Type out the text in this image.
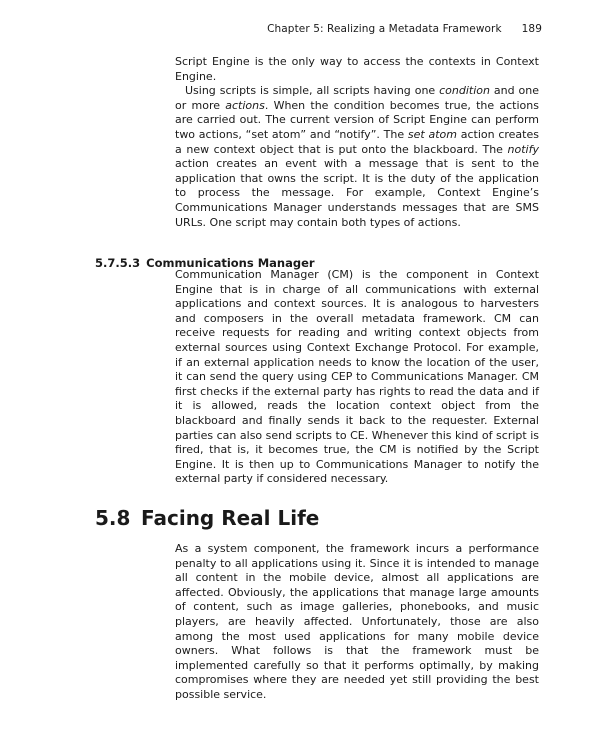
Chapter 5: Realizing a Metadata Framework 189

Script Engine is the only way to access the contexts in Context Engine.

Using scripts is simple, all scripts having one condition and one or more actions. When the condition becomes true, the actions are carried out. The current version of Script Engine can perform two actions, “set atom” and “notify”. The set atom action creates a new context object that is put onto the blackboard. The notify action creates an event with a message that is sent to the application that owns the script. It is the duty of the application to process the message. For example, Context Engine’s Communications Manager understands messages that are SMS URLs. One script may contain both types of actions.

5.7.5.3 Communications Manager

Communication Manager (CM) is the component in Context Engine that is in charge of all communications with external applications and context sources. It is analogous to harvesters and composers in the overall metadata framework. CM can receive requests for reading and writing context objects from external sources using Context Exchange Protocol. For example, if an external application needs to know the location of the user, it can send the query using CEP to Communications Manager. CM first checks if the external party has rights to read the data and if it is allowed, reads the location context object from the blackboard and finally sends it back to the requester. External parties can also send scripts to CE. Whenever this kind of script is fired, that is, it becomes true, the CM is notified by the Script Engine. It is then up to Communications Manager to notify the external party if considered necessary.

5.8 Facing Real Life

As a system component, the framework incurs a performance penalty to all applications using it. Since it is intended to manage all content in the mobile device, almost all applications are affected. Obviously, the applications that manage large amounts of content, such as image galleries, phonebooks, and music players, are heavily affected. Unfortunately, those are also among the most used applications for many mobile device owners. What follows is that the framework must be implemented carefully so that it performs optimally, by making compromises where they are needed yet still providing the best possible service.
